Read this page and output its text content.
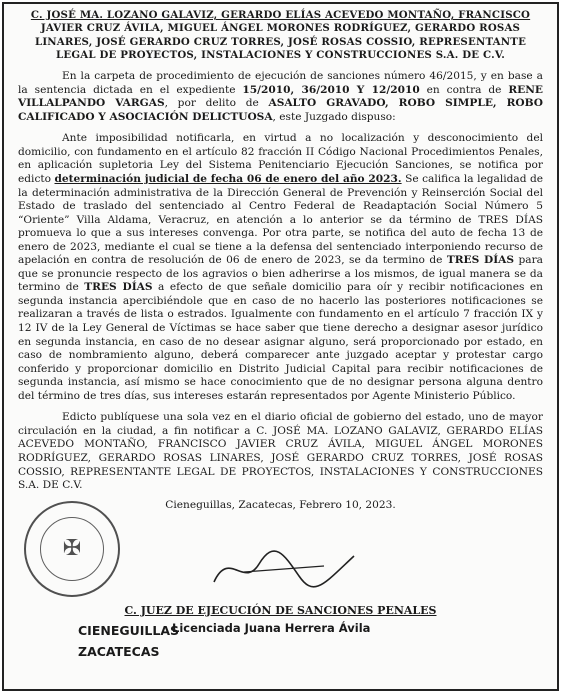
C. JOSÉ MA. LOZANO GALAVIZ, GERARDO ELÍAS ACEVEDO MONTAÑO, FRANCISCO
JAVIER CRUZ ÁVILA, MIGUEL ÁNGEL MORONES RODRÍGUEZ, GERARDO ROSAS
LINARES, JOSÉ GERARDO CRUZ TORRES, JOSÉ ROSAS COSSIO, REPRESENTANTE
LEGAL DE PROYECTOS, INSTALACIONES Y CONSTRUCCIONES S.A. DE C.V.

En la carpeta de procedimiento de ejecución de sanciones número 46/2015, y en base a la sentencia dictada en el expediente 15/2010, 36/2010 Y 12/2010 en contra de RENE VILLALPANDO VARGAS, por delito de ASALTO GRAVADO, ROBO SIMPLE, ROBO CALIFICADO Y ASOCIACIÓN DELICTUOSA, este Juzgado dispuso:

Ante imposibilidad notificarla, en virtud a no localización y desconocimiento del domicilio, con fundamento en el artículo 82 fracción II Código Nacional Procedimientos Penales, en aplicación supletoria Ley del Sistema Penitenciario Ejecución Sanciones, se notifica por edicto determinación judicial de fecha 06 de enero del año 2023. Se califica la legalidad de la determinación administrativa de la Dirección General de Prevención y Reinserción Social del Estado de traslado del sentenciado al Centro Federal de Readaptación Social Número 5 “Oriente” Villa Aldama, Veracruz, en atención a lo anterior se da término de TRES DÍAS promueva lo que a sus intereses convenga. Por otra parte, se notifica del auto de fecha 13 de enero de 2023, mediante el cual se tiene a la defensa del sentenciado interponiendo recurso de apelación en contra de resolución de 06 de enero de 2023, se da termino de TRES DÍAS para que se pronuncie respecto de los agravios o bien adherirse a los mismos, de igual manera se da termino de TRES DÍAS a efecto de que señale domicilio para oír y recibir notificaciones en segunda instancia apercibiéndole que en caso de no hacerlo las posteriores notificaciones se realizaran a través de lista o estrados. Igualmente con fundamento en el artículo 7 fracción IX y 12 IV de la Ley General de Víctimas se hace saber que tiene derecho a designar asesor jurídico en segunda instancia, en caso de no desear asignar alguno, será proporcionado por estado, en caso de nombramiento alguno, deberá comparecer ante juzgado aceptar y protestar cargo conferido y proporcionar domicilio en Distrito Judicial Capital para recibir notificaciones de segunda instancia, así mismo se hace conocimiento que de no designar persona alguna dentro del término de tres días, sus intereses estarán representados por Agente Ministerio Público.

Edicto publíquese una sola vez en el diario oficial de gobierno del estado, uno de mayor circulación en la ciudad, a fin notificar a C. JOSÉ MA. LOZANO GALAVIZ, GERARDO ELÍAS ACEVEDO MONTAÑO, FRANCISCO JAVIER CRUZ ÁVILA, MIGUEL ÁNGEL MORONES RODRÍGUEZ, GERARDO ROSAS LINARES, JOSÉ GERARDO CRUZ TORRES, JOSÉ ROSAS COSSIO, REPRESENTANTE LEGAL DE PROYECTOS, INSTALACIONES Y CONSTRUCCIONES S.A. DE C.V.

Cieneguillas, Zacatecas, Febrero 10, 2023.
✠
C. JUEZ DE EJECUCIÓN DE SANCIONES PENALES
CIENEGUILLAS
ZACATECAS
Licenciada Juana Herrera Ávila
